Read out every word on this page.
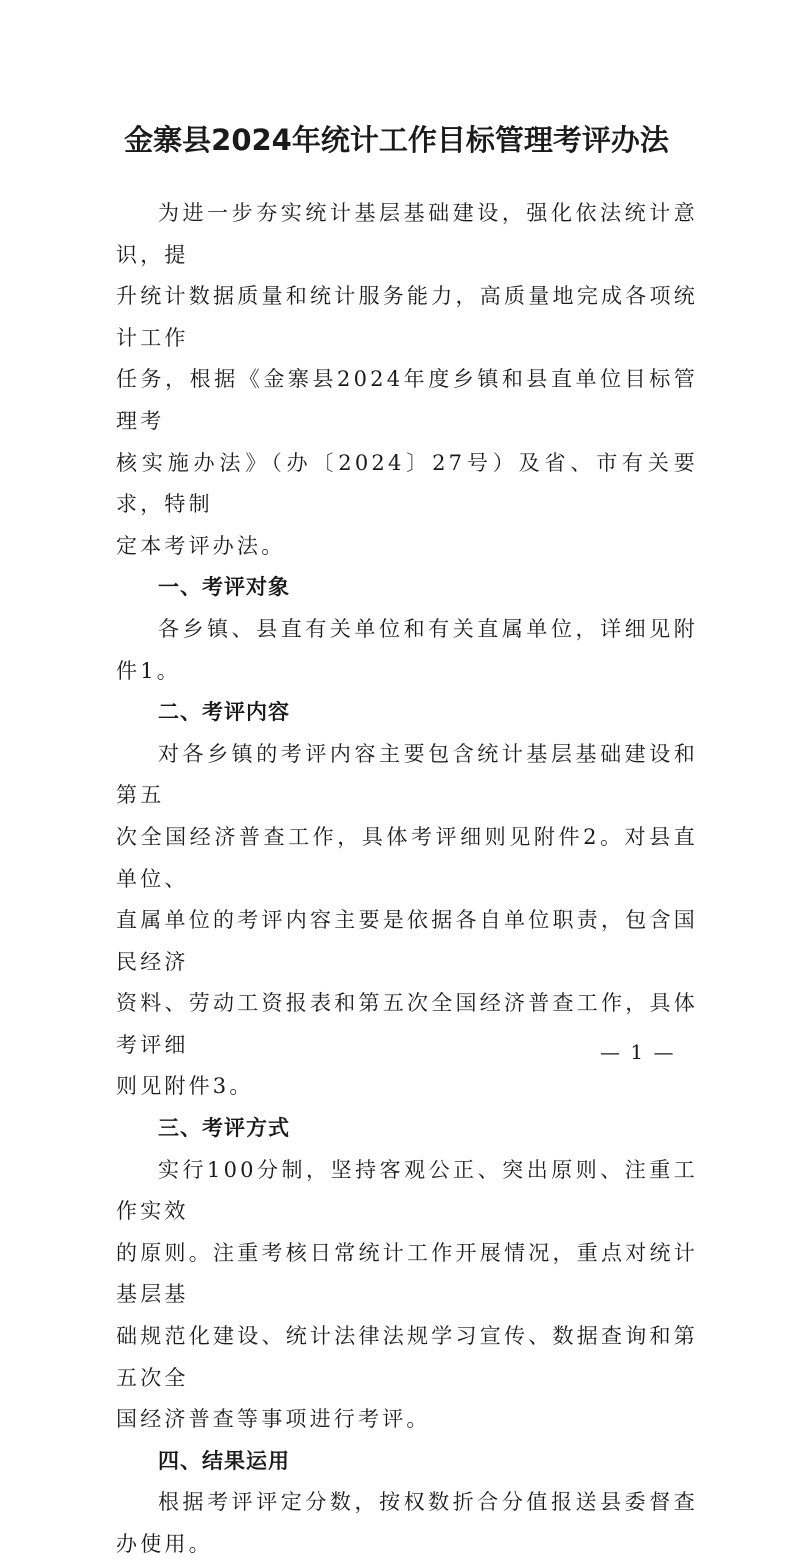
金寨县2024年统计工作目标管理考评办法

为进一步夯实统计基层基础建设，强化依法统计意识，提
升统计数据质量和统计服务能力，高质量地完成各项统计工作
任务，根据《金寨县2024年度乡镇和县直单位目标管理考
核实施办法》（办〔2024〕27号）及省、市有关要求，特制
定本考评办法。

一、考评对象

各乡镇、县直有关单位和有关直属单位，详细见附件1。

二、考评内容

对各乡镇的考评内容主要包含统计基层基础建设和第五
次全国经济普查工作，具体考评细则见附件2。对县直单位、
直属单位的考评内容主要是依据各自单位职责，包含国民经济
资料、劳动工资报表和第五次全国经济普查工作，具体考评细
则见附件3。

三、考评方式

实行100分制，坚持客观公正、突出原则、注重工作实效
的原则。注重考核日常统计工作开展情况，重点对统计基层基
础规范化建设、统计法律法规学习宣传、数据查询和第五次全
国经济普查等事项进行考评。

四、结果运用

根据考评评定分数，按权数折合分值报送县委督查办使用。

— 1 —
